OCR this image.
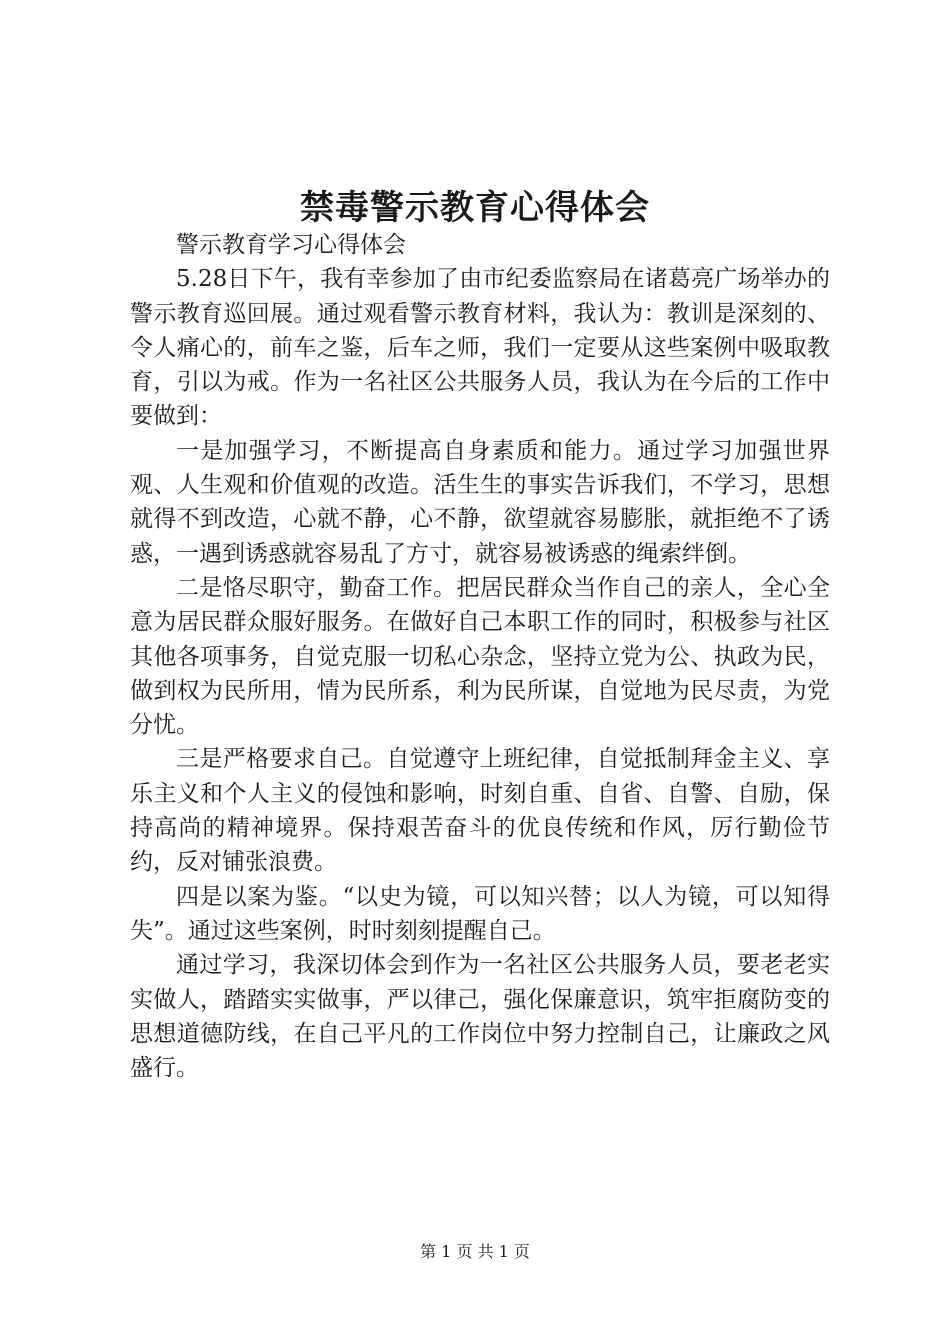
禁毒警示教育心得体会

警示教育学习心得体会

5.28日下午，我有幸参加了由市纪委监察局在诸葛亮广场举办的警示教育巡回展。通过观看警示教育材料，我认为：教训是深刻的、令人痛心的，前车之鉴，后车之师，我们一定要从这些案例中吸取教育，引以为戒。作为一名社区公共服务人员，我认为在今后的工作中要做到：

一是加强学习，不断提高自身素质和能力。通过学习加强世界观、人生观和价值观的改造。活生生的事实告诉我们，不学习，思想就得不到改造，心就不静，心不静，欲望就容易膨胀，就拒绝不了诱惑，一遇到诱惑就容易乱了方寸，就容易被诱惑的绳索绊倒。

二是恪尽职守，勤奋工作。把居民群众当作自己的亲人，全心全意为居民群众服好服务。在做好自己本职工作的同时，积极参与社区其他各项事务，自觉克服一切私心杂念，坚持立党为公、执政为民，做到权为民所用，情为民所系，利为民所谋，自觉地为民尽责，为党分忧。

三是严格要求自己。自觉遵守上班纪律，自觉抵制拜金主义、享乐主义和个人主义的侵蚀和影响，时刻自重、自省、自警、自励，保持高尚的精神境界。保持艰苦奋斗的优良传统和作风，厉行勤俭节约，反对铺张浪费。

四是以案为鉴。“以史为镜，可以知兴替；以人为镜，可以知得失”。通过这些案例，时时刻刻提醒自己。

通过学习，我深切体会到作为一名社区公共服务人员，要老老实实做人，踏踏实实做事，严以律己，强化保廉意识，筑牢拒腐防变的思想道德防线，在自己平凡的工作岗位中努力控制自己，让廉政之风盛行。

第 1 页 共 1 页
